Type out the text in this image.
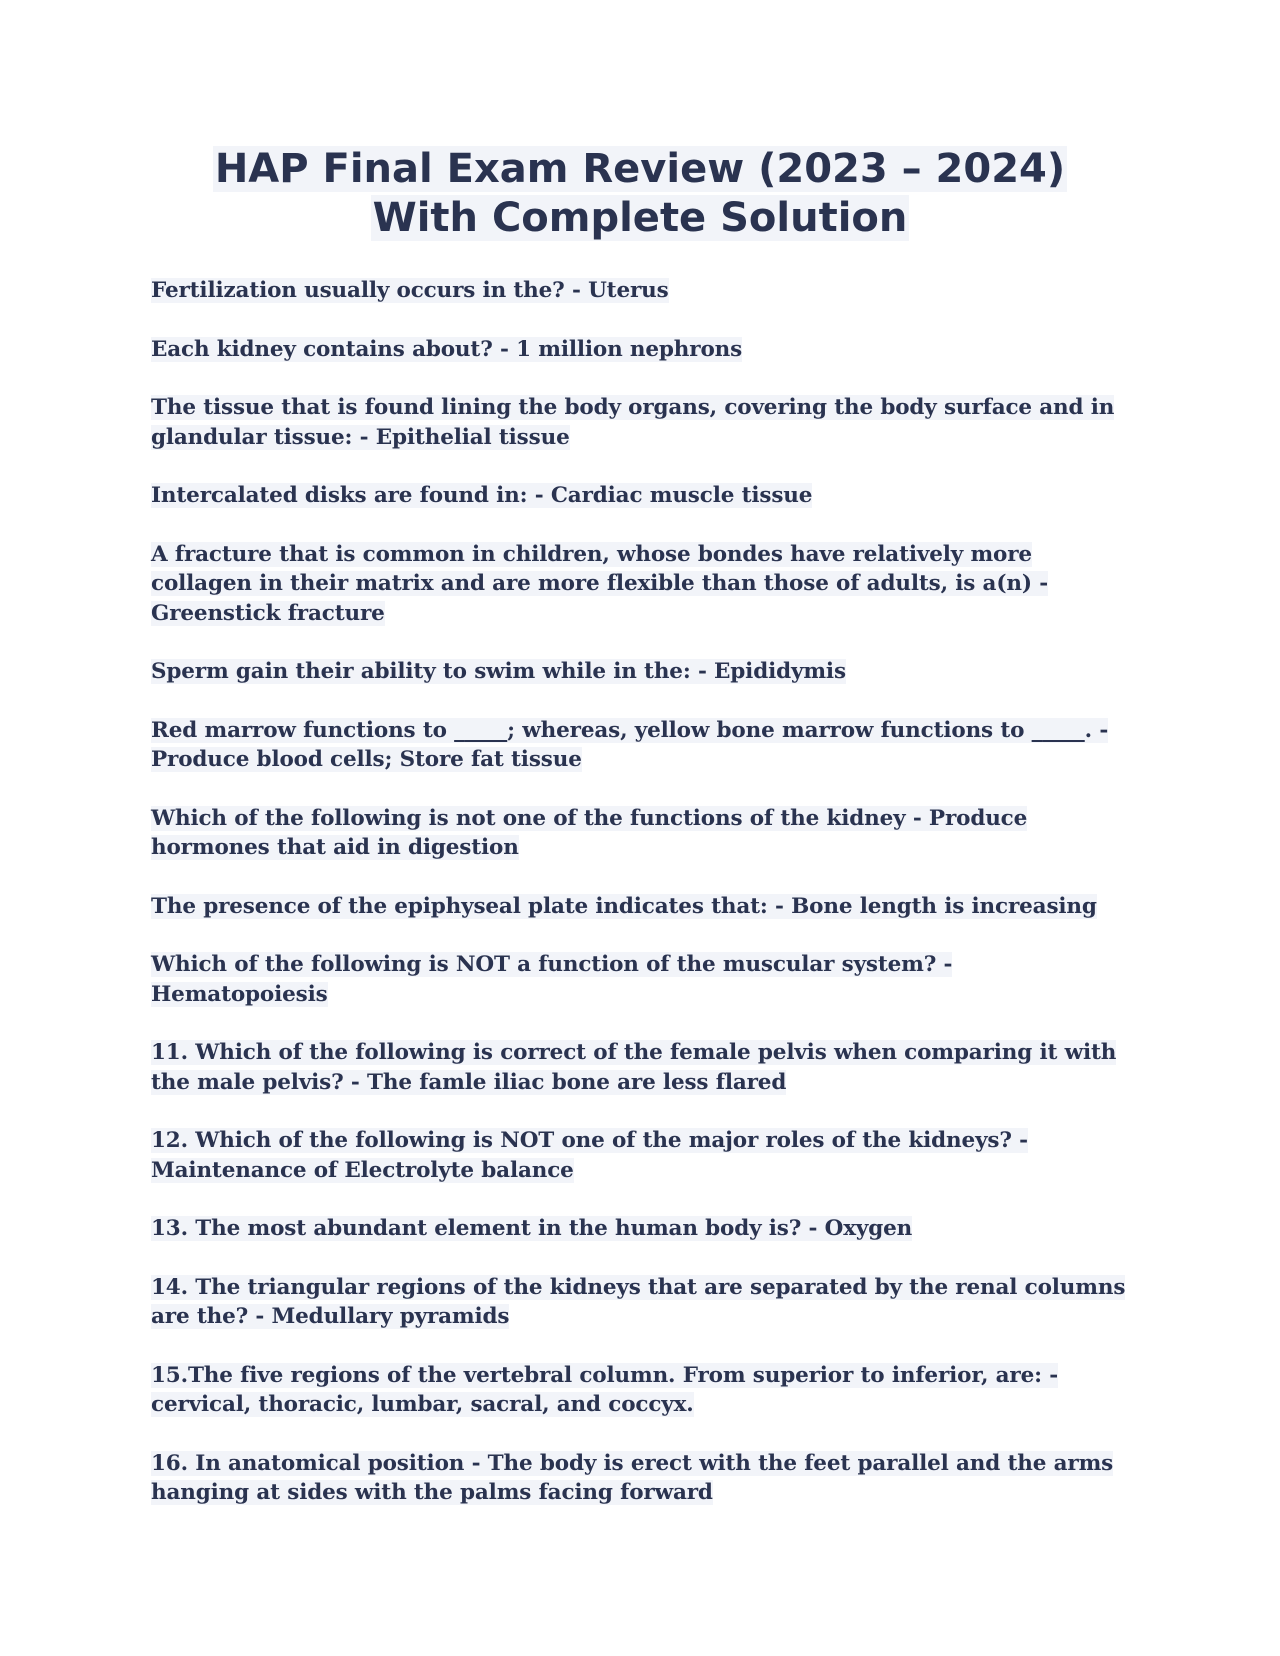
HAP Final Exam Review (2023 – 2024)
With Complete Solution
Fertilization usually occurs in the? - Uterus
Each kidney contains about? - 1 million nephrons
The tissue that is found lining the body organs, covering the body surface and in glandular tissue: - Epithelial tissue
Intercalated disks are found in: - Cardiac muscle tissue
A fracture that is common in children, whose bondes have relatively more collagen in their matrix and are more flexible than those of adults, is a(n) - Greenstick fracture
Sperm gain their ability to swim while in the: - Epididymis
Red marrow functions to _____; whereas, yellow bone marrow functions to _____. - Produce blood cells; Store fat tissue
Which of the following is not one of the functions of the kidney - Produce hormones that aid in digestion
The presence of the epiphyseal plate indicates that: - Bone length is increasing
Which of the following is NOT a function of the muscular system? - Hematopoiesis
11. Which of the following is correct of the female pelvis when comparing it with the male pelvis? - The famle iliac bone are less flared
12. Which of the following is NOT one of the major roles of the kidneys? - Maintenance of Electrolyte balance
13. The most abundant element in the human body is? - Oxygen
14. The triangular regions of the kidneys that are separated by the renal columns are the? - Medullary pyramids
15.The five regions of the vertebral column. From superior to inferior, are: - cervical, thoracic, lumbar, sacral, and coccyx.
16. In anatomical position - The body is erect with the feet parallel and the arms hanging at sides with the palms facing forward
